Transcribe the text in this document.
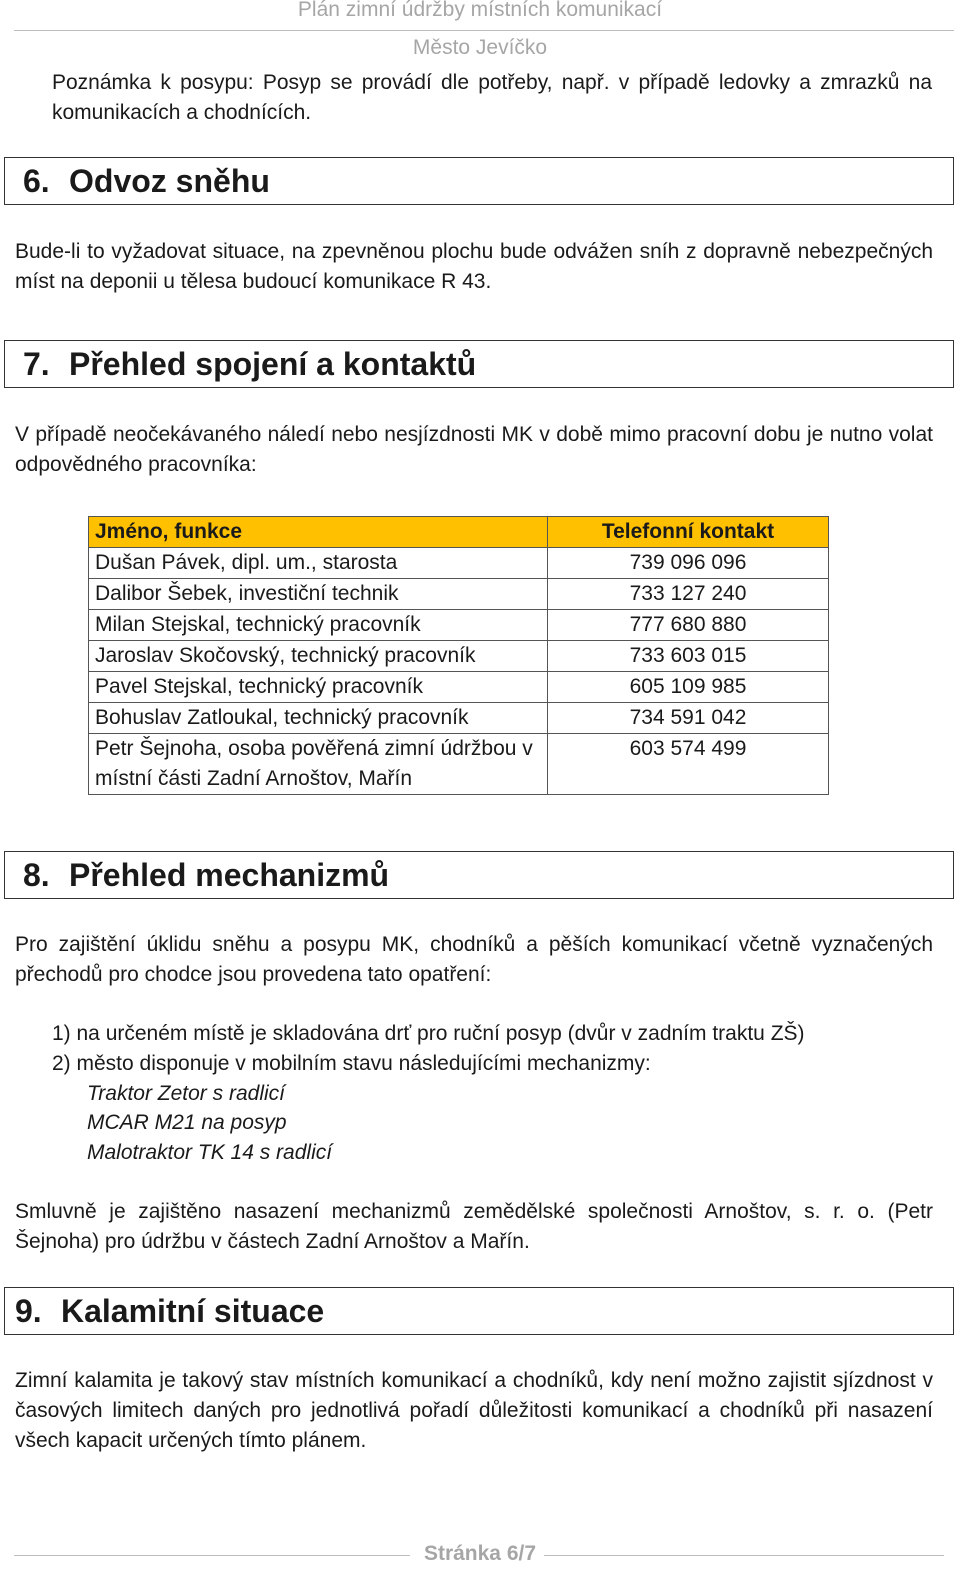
Plán zimní údržby místních komunikací
Město Jevíčko

Poznámka k posypu: Posyp se provádí dle potřeby, např. v případě ledovky a zmrazků na komunikacích a chodnících.

6. Odvoz sněhu

Bude-li to vyžadovat situace, na zpevněnou plochu bude odvážen sníh z dopravně nebezpečných míst na deponii u tělesa budoucí komunikace R 43.

7. Přehled spojení a kontaktů

V případě neočekávaného náledí nebo nesjízdnosti MK v době mimo pracovní dobu je nutno volat odpovědného pracovníka:

Jméno, funkce	Telefonní kontakt
Dušan Pávek, dipl. um., starosta	739 096 096
Dalibor Šebek, investiční technik	733 127 240
Milan Stejskal, technický pracovník	777 680 880
Jaroslav Skočovský, technický pracovník	733 603 015
Pavel Stejskal, technický pracovník	605 109 985
Bohuslav Zatloukal, technický pracovník	734 591 042
Petr Šejnoha, osoba pověřená zimní údržbou v místní části Zadní Arnoštov, Mařín	603 574 499
8. Přehled mechanizmů

Pro zajištění úklidu sněhu a posypu MK, chodníků a pěších komunikací včetně vyznačených přechodů pro chodce jsou provedena tato opatření:

1) na určeném místě je skladována drť pro ruční posyp (dvůr v zadním traktu ZŠ)

2) město disponuje v mobilním stavu následujícími mechanizmy:

Traktor Zetor s radlicí

MCAR M21 na posyp

Malotraktor TK 14 s radlicí

Smluvně je zajištěno nasazení mechanizmů zemědělské společnosti Arnoštov, s. r. o. (Petr Šejnoha) pro údržbu v částech Zadní Arnoštov a Mařín.

9. Kalamitní situace

Zimní kalamita je takový stav místních komunikací a chodníků, kdy není možno zajistit sjízdnost v časových limitech daných pro jednotlivá pořadí důležitosti komunikací a chodníků při nasazení všech kapacit určených tímto plánem.

Stránka 6/7
